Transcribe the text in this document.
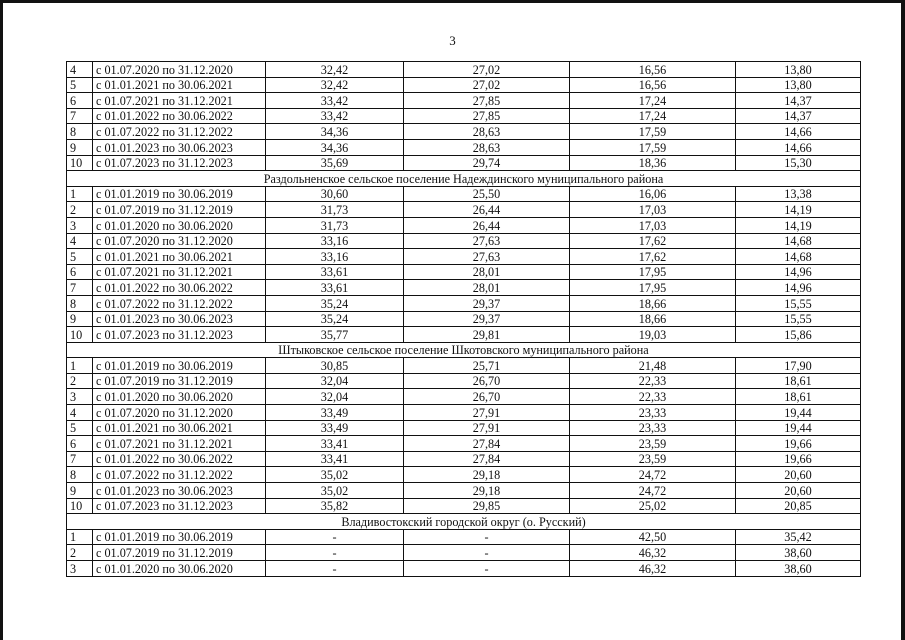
3
4	с 01.07.2020 по 31.12.2020	32,42	27,02	16,56	13,80
5	с 01.01.2021 по 30.06.2021	32,42	27,02	16,56	13,80
6	с 01.07.2021 по 31.12.2021	33,42	27,85	17,24	14,37
7	с 01.01.2022 по 30.06.2022	33,42	27,85	17,24	14,37
8	с 01.07.2022 по 31.12.2022	34,36	28,63	17,59	14,66
9	с 01.01.2023 по 30.06.2023	34,36	28,63	17,59	14,66
10	с 01.07.2023 по 31.12.2023	35,69	29,74	18,36	15,30
Раздольненское сельское поселение Надеждинского муниципального района					
1	с 01.01.2019 по 30.06.2019	30,60	25,50	16,06	13,38
2	с 01.07.2019 по 31.12.2019	31,73	26,44	17,03	14,19
3	с 01.01.2020 по 30.06.2020	31,73	26,44	17,03	14,19
4	с 01.07.2020 по 31.12.2020	33,16	27,63	17,62	14,68
5	с 01.01.2021 по 30.06.2021	33,16	27,63	17,62	14,68
6	с 01.07.2021 по 31.12.2021	33,61	28,01	17,95	14,96
7	с 01.01.2022 по 30.06.2022	33,61	28,01	17,95	14,96
8	с 01.07.2022 по 31.12.2022	35,24	29,37	18,66	15,55
9	с 01.01.2023 по 30.06.2023	35,24	29,37	18,66	15,55
10	с 01.07.2023 по 31.12.2023	35,77	29,81	19,03	15,86
Штыковское сельское поселение Шкотовского муниципального района					
1	с 01.01.2019 по 30.06.2019	30,85	25,71	21,48	17,90
2	с 01.07.2019 по 31.12.2019	32,04	26,70	22,33	18,61
3	с 01.01.2020 по 30.06.2020	32,04	26,70	22,33	18,61
4	с 01.07.2020 по 31.12.2020	33,49	27,91	23,33	19,44
5	с 01.01.2021 по 30.06.2021	33,49	27,91	23,33	19,44
6	с 01.07.2021 по 31.12.2021	33,41	27,84	23,59	19,66
7	с 01.01.2022 по 30.06.2022	33,41	27,84	23,59	19,66
8	с 01.07.2022 по 31.12.2022	35,02	29,18	24,72	20,60
9	с 01.01.2023 по 30.06.2023	35,02	29,18	24,72	20,60
10	с 01.07.2023 по 31.12.2023	35,82	29,85	25,02	20,85
Владивостокский городской округ (о. Русский)					
1	с 01.01.2019 по 30.06.2019	-	-	42,50	35,42
2	с 01.07.2019 по 31.12.2019	-	-	46,32	38,60
3	с 01.01.2020 по 30.06.2020	-	-	46,32	38,60
